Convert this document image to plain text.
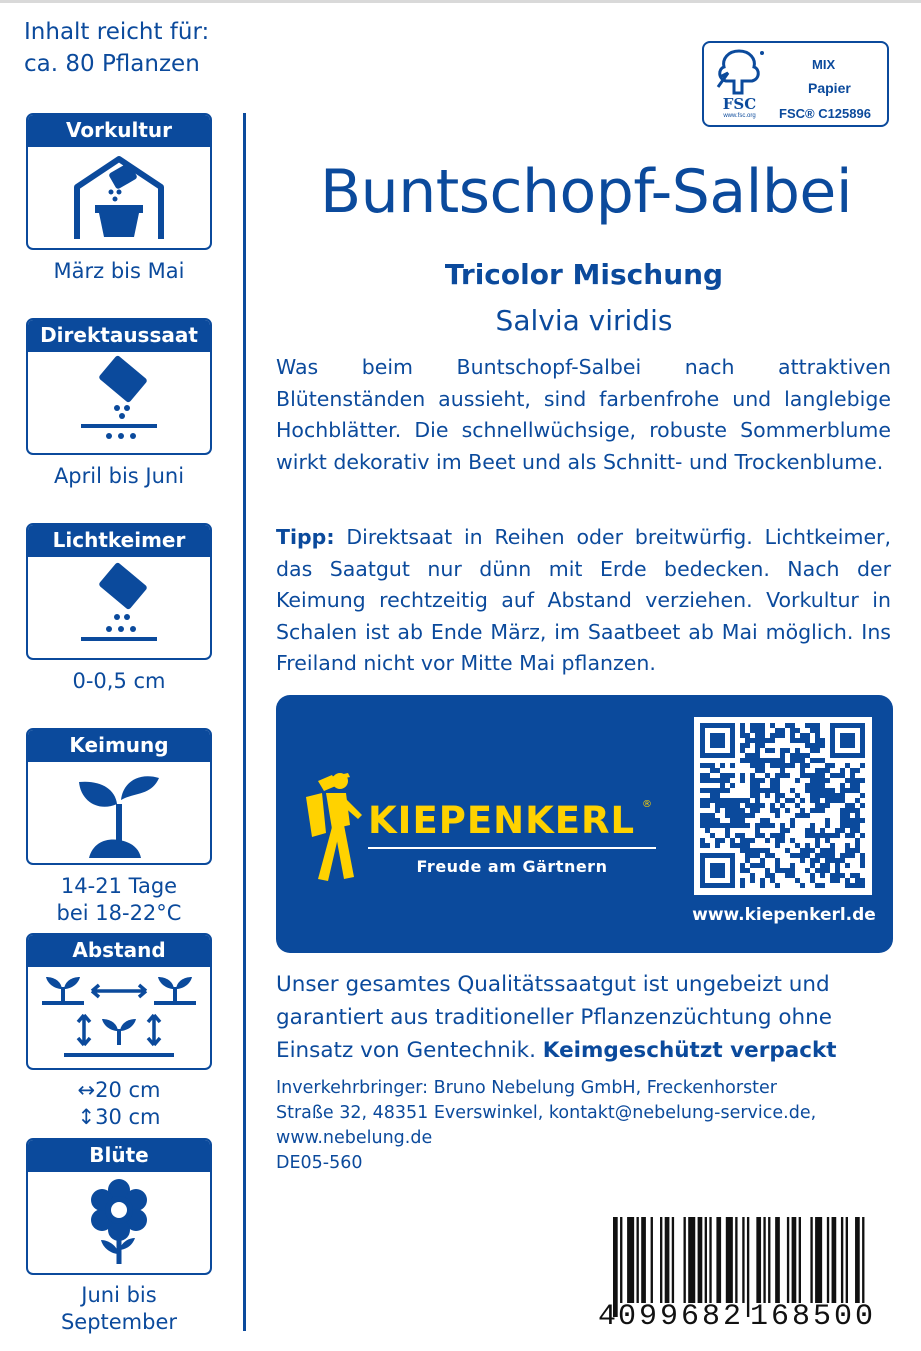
Inhalt reicht für:
ca. 80 Pflanzen
Vorkultur
März bis Mai
Direktaussaat
April bis Juni
Lichtkeimer
0-0,5 cm
Keimung
14-21 Tage
bei 18-22°C
Abstand
↔20 cm
↕30 cm
Blüte
Juni bis
September
FSC
www.fsc.org
MIX
Papier
FSC® C125896
Buntschopf-Salbei
Tricolor Mischung
Salvia viridis
Was beim Buntschopf-Salbei nach attraktiven Blütenständen aussieht, sind farbenfrohe und langlebige Hochblätter. Die schnellwüchsige, robuste Sommerblume wirkt dekorativ im Beet und als Schnitt- und Trockenblume.
Tipp: Direktsaat in Reihen oder breitwürfig. Lichtkeimer, das Saatgut nur dünn mit Erde bedecken. Nach der Keimung rechtzeitig auf Abstand verziehen. Vorkultur in Schalen ist ab Ende März, im Saatbeet ab Mai möglich. Ins Freiland nicht vor Mitte Mai pflanzen.
KIEPENKERL ®
Freude am Gärtnern
www.kiepenkerl.de
Unser gesamtes Qualitätssaatgut ist ungebeizt und garantiert aus traditioneller Pflanzenzüchtung ohne Einsatz von Gentechnik. Keimgeschützt verpackt
Inverkehrbringer: Bruno Nebelung GmbH, Freckenhorster
Straße 32, 48351 Everswinkel, kontakt@nebelung-service.de,
www.nebelung.de
DE05-560
4 099682 168500
